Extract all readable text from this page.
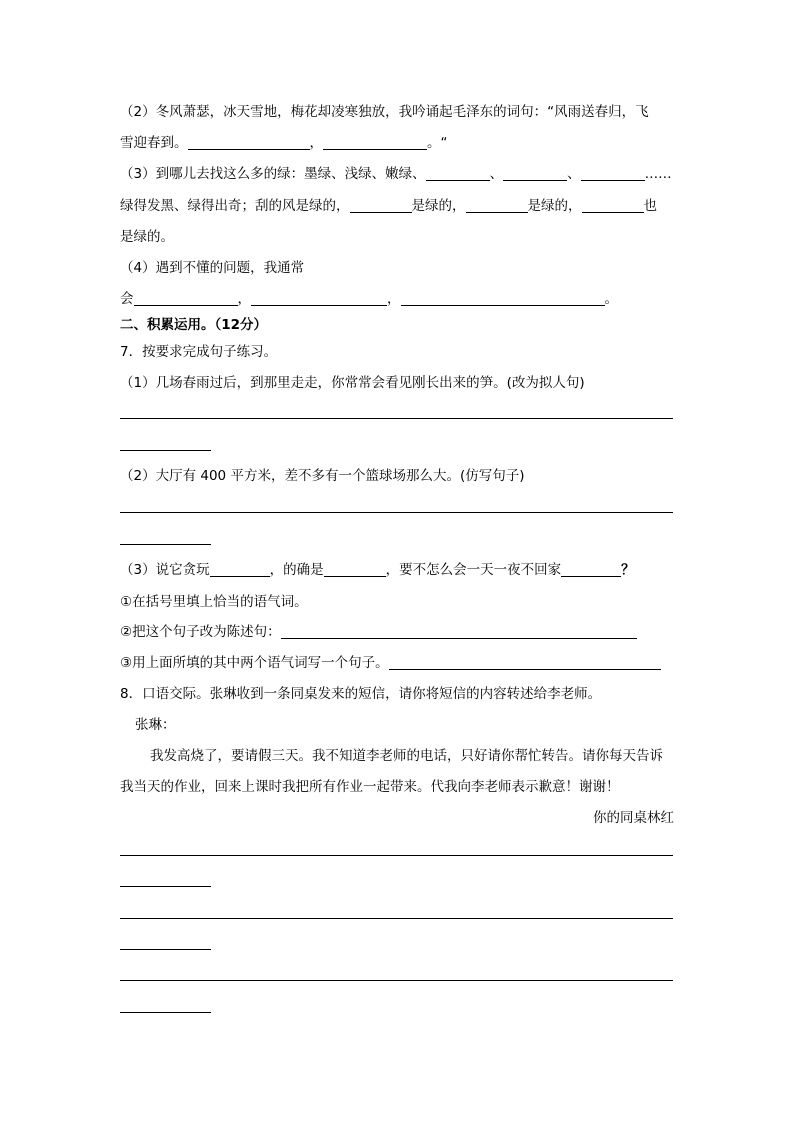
（2）冬风萧瑟，冰天雪地，梅花却凌寒独放，我吟诵起毛泽东的词句：“风雨送春归，飞
雪迎春到。	，	。“
（3）到哪儿去找这么多的绿：墨绿、浅绿、嫩绿、	、	、	……
绿得发黑、绿得出奇；刮的风是绿的，	是绿的，	是绿的，	也
是绿的。
（4）遇到不懂的问题，我通常
会	，	，	。
二、积累运用。（12分）
7．按要求完成句子练习。
（1）几场春雨过后，到那里走走，你常常会看见刚长出来的笋。(改为拟人句)
（2）大厅有 400 平方米，差不多有一个篮球场那么大。(仿写句子)
（3）说它贪玩	，的确是	，要不怎么会一天一夜不回家	？
①在括号里填上恰当的语气词。
②把这个句子改为陈述句：
③用上面所填的其中两个语气词写一个句子。
8．口语交际。张琳收到一条同桌发来的短信，请你将短信的内容转述给李老师。
张琳：
我发高烧了，要请假三天。我不知道李老师的电话，只好请你帮忙转告。请你每天告诉
我当天的作业，回来上课时我把所有作业一起带来。代我向李老师表示歉意！谢谢！
你的同桌林红
